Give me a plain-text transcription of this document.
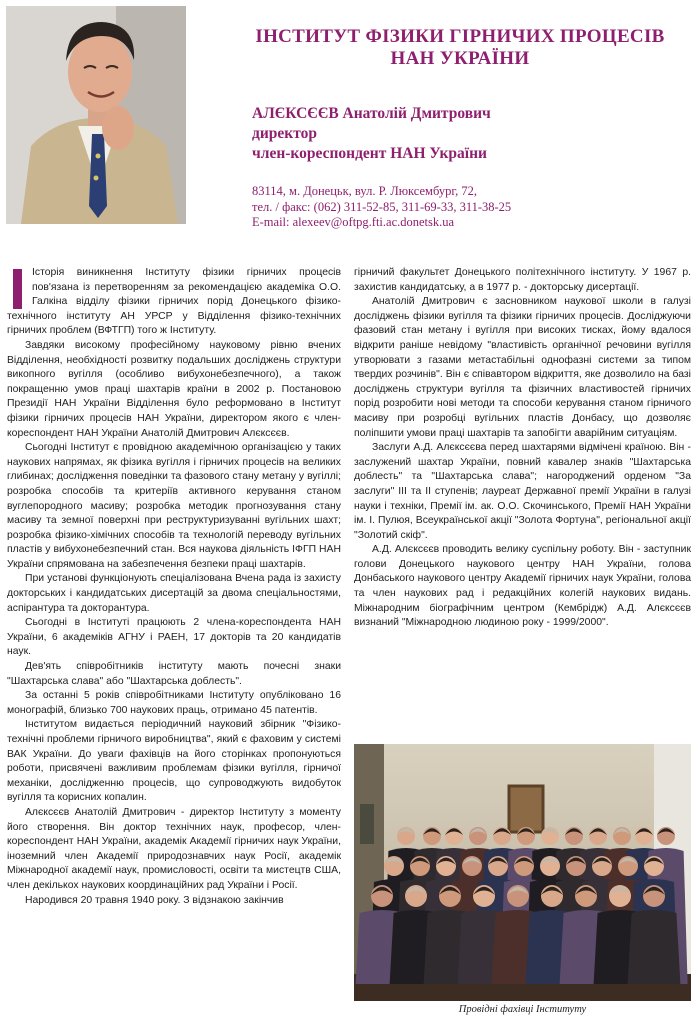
ІНСТИТУТ ФІЗИКИ ГІРНИЧИХ ПРОЦЕСІВ НАН УКРАЇНИ
АЛЄКСЄЄВ Анатолій Дмитрович
директор
член-кореспондент НАН України
83114, м. Донецьк, вул. Р. Люксембург, 72,
тел. / факс: (062) 311-52-85, 311-69-33, 311-38-25
E-mail: alexeev@oftpg.fti.ac.donetsk.ua

Історія виникнення Інституту фізики гірничих процесів пов'язана із перетворенням за рекомендацією академіка О.О. Галкіна відділу фізики гірничих порід Донецького фізико-технічного інституту АН УРСР у Відділення фізико-технічних гірничих проблем (ВФТГП) того ж Інституту.

Завдяки високому професійному науковому рівню вчених Відділення, необхідності розвитку подальших досліджень структури викопного вугілля (особливо вибухонебезпечного), а також покращенню умов праці шахтарів країни в 2002 р. Постановою Президії НАН України Відділення було реформовано в Інститут фізики гірничих процесів НАН України, директором якого є член-кореспондент НАН України Анатолій Дмитрович Алєксєєв.

Сьогодні Інститут є провідною академічною організацією у таких наукових напрямах, як фізика вугілля і гірничих процесів на великих глибинах; дослідження поведінки та фазового стану метану у вугіллі; розробка способів та критеріїв активного керування станом вуглепородного масиву; розробка методик прогнозування стану масиву та земної поверхні при реструктуризуванні вугільних шахт; розробка фізико-хімічних способів та технологій переводу вугільних пластів у вибухонебезпечний стан. Вся наукова діяльність ІФГП НАН України спрямована на забезпечення безпеки праці шахтарів.

При установі функціонують спеціалізована Вчена рада із захисту докторських і кандидатських дисертацій за двома спеціальностями, аспірантура та докторантура.

Сьогодні в Інституті працюють 2 члена-кореспондента НАН України, 6 академіків АГНУ і РАЕН, 17 докторів та 20 кандидатів наук.

Дев'ять співробітників інституту мають почесні знаки "Шахтарська слава" або "Шахтарська доблесть".

За останні 5 років співробітниками Інституту опубліковано 16 монографій, близько 700 наукових праць, отримано 45 патентів.

Інститутом видається періодичний науковий збірник "Фізико-технічні проблеми гірничого виробництва", який є фаховим у системі ВАК України. До уваги фахівців на його сторінках пропонуються роботи, присвячені важливим проблемам фізики вугілля, гірничої механіки, дослідженню процесів, що супроводжують видобуток вугілля та корисних копалин.

Алєксєєв Анатолій Дмитрович - директор Інституту з моменту його створення. Він доктор технічних наук, професор, член-кореспондент НАН України, академік Академії гірничих наук України, іноземний член Академії природознавчих наук Росії, академік Міжнародної академії наук, промисловості, освіти та мистецтв США, член декількох наукових координаційних рад України і Росії.

Народився 20 травня 1940 року. З відзнакою закінчив

гірничий факультет Донецького політехнічного інституту. У 1967 р. захистив кандидатську, а в 1977 р. - докторську дисертації.

Анатолій Дмитрович є засновником наукової школи в галузі досліджень фізики вугілля та фізики гірничих процесів. Досліджуючи фазовий стан метану і вугілля при високих тисках, йому вдалося відкрити раніше невідому "властивість органічної речовини вугілля утворювати з газами метастабільні однофазні системи за типом твердих розчинів". Він є співавтором відкриття, яке дозволило на базі досліджень структури вугілля та фізичних властивостей гірничих порід розробити нові методи та способи керування станом гірничого масиву при розробці вугільних пластів Донбасу, що дозволяє поліпшити умови праці шахтарів та запобігти аварійним ситуаціям.

Заслуги А.Д. Алєксєєва перед шахтарями відмічені країною. Він - заслужений шахтар України, повний кавалер знаків "Шахтарська доблесть" та "Шахтарська слава"; нагороджений орденом "За заслуги" ІІІ та ІІ ступенів; лауреат Державної премії України в галузі науки і техніки, Премії ім. ак. О.О. Скочинського, Премії НАН України ім. І. Пулюя, Всеукраїнської акції "Золота Фортуна", регіональної акції "Золотий скіф".

А.Д. Алєксєєв проводить велику суспільну роботу. Він - заступник голови Донецького наукового центру НАН України, голова Донбаського наукового центру Академії гірничих наук України, голова та член наукових рад і редакційних колегій наукових видань. Міжнародним біографічним центром (Кембрідж) А.Д. Алєксєєв визнаний "Міжнародною людиною року - 1999/2000".

Провідні фахівці Інституту
